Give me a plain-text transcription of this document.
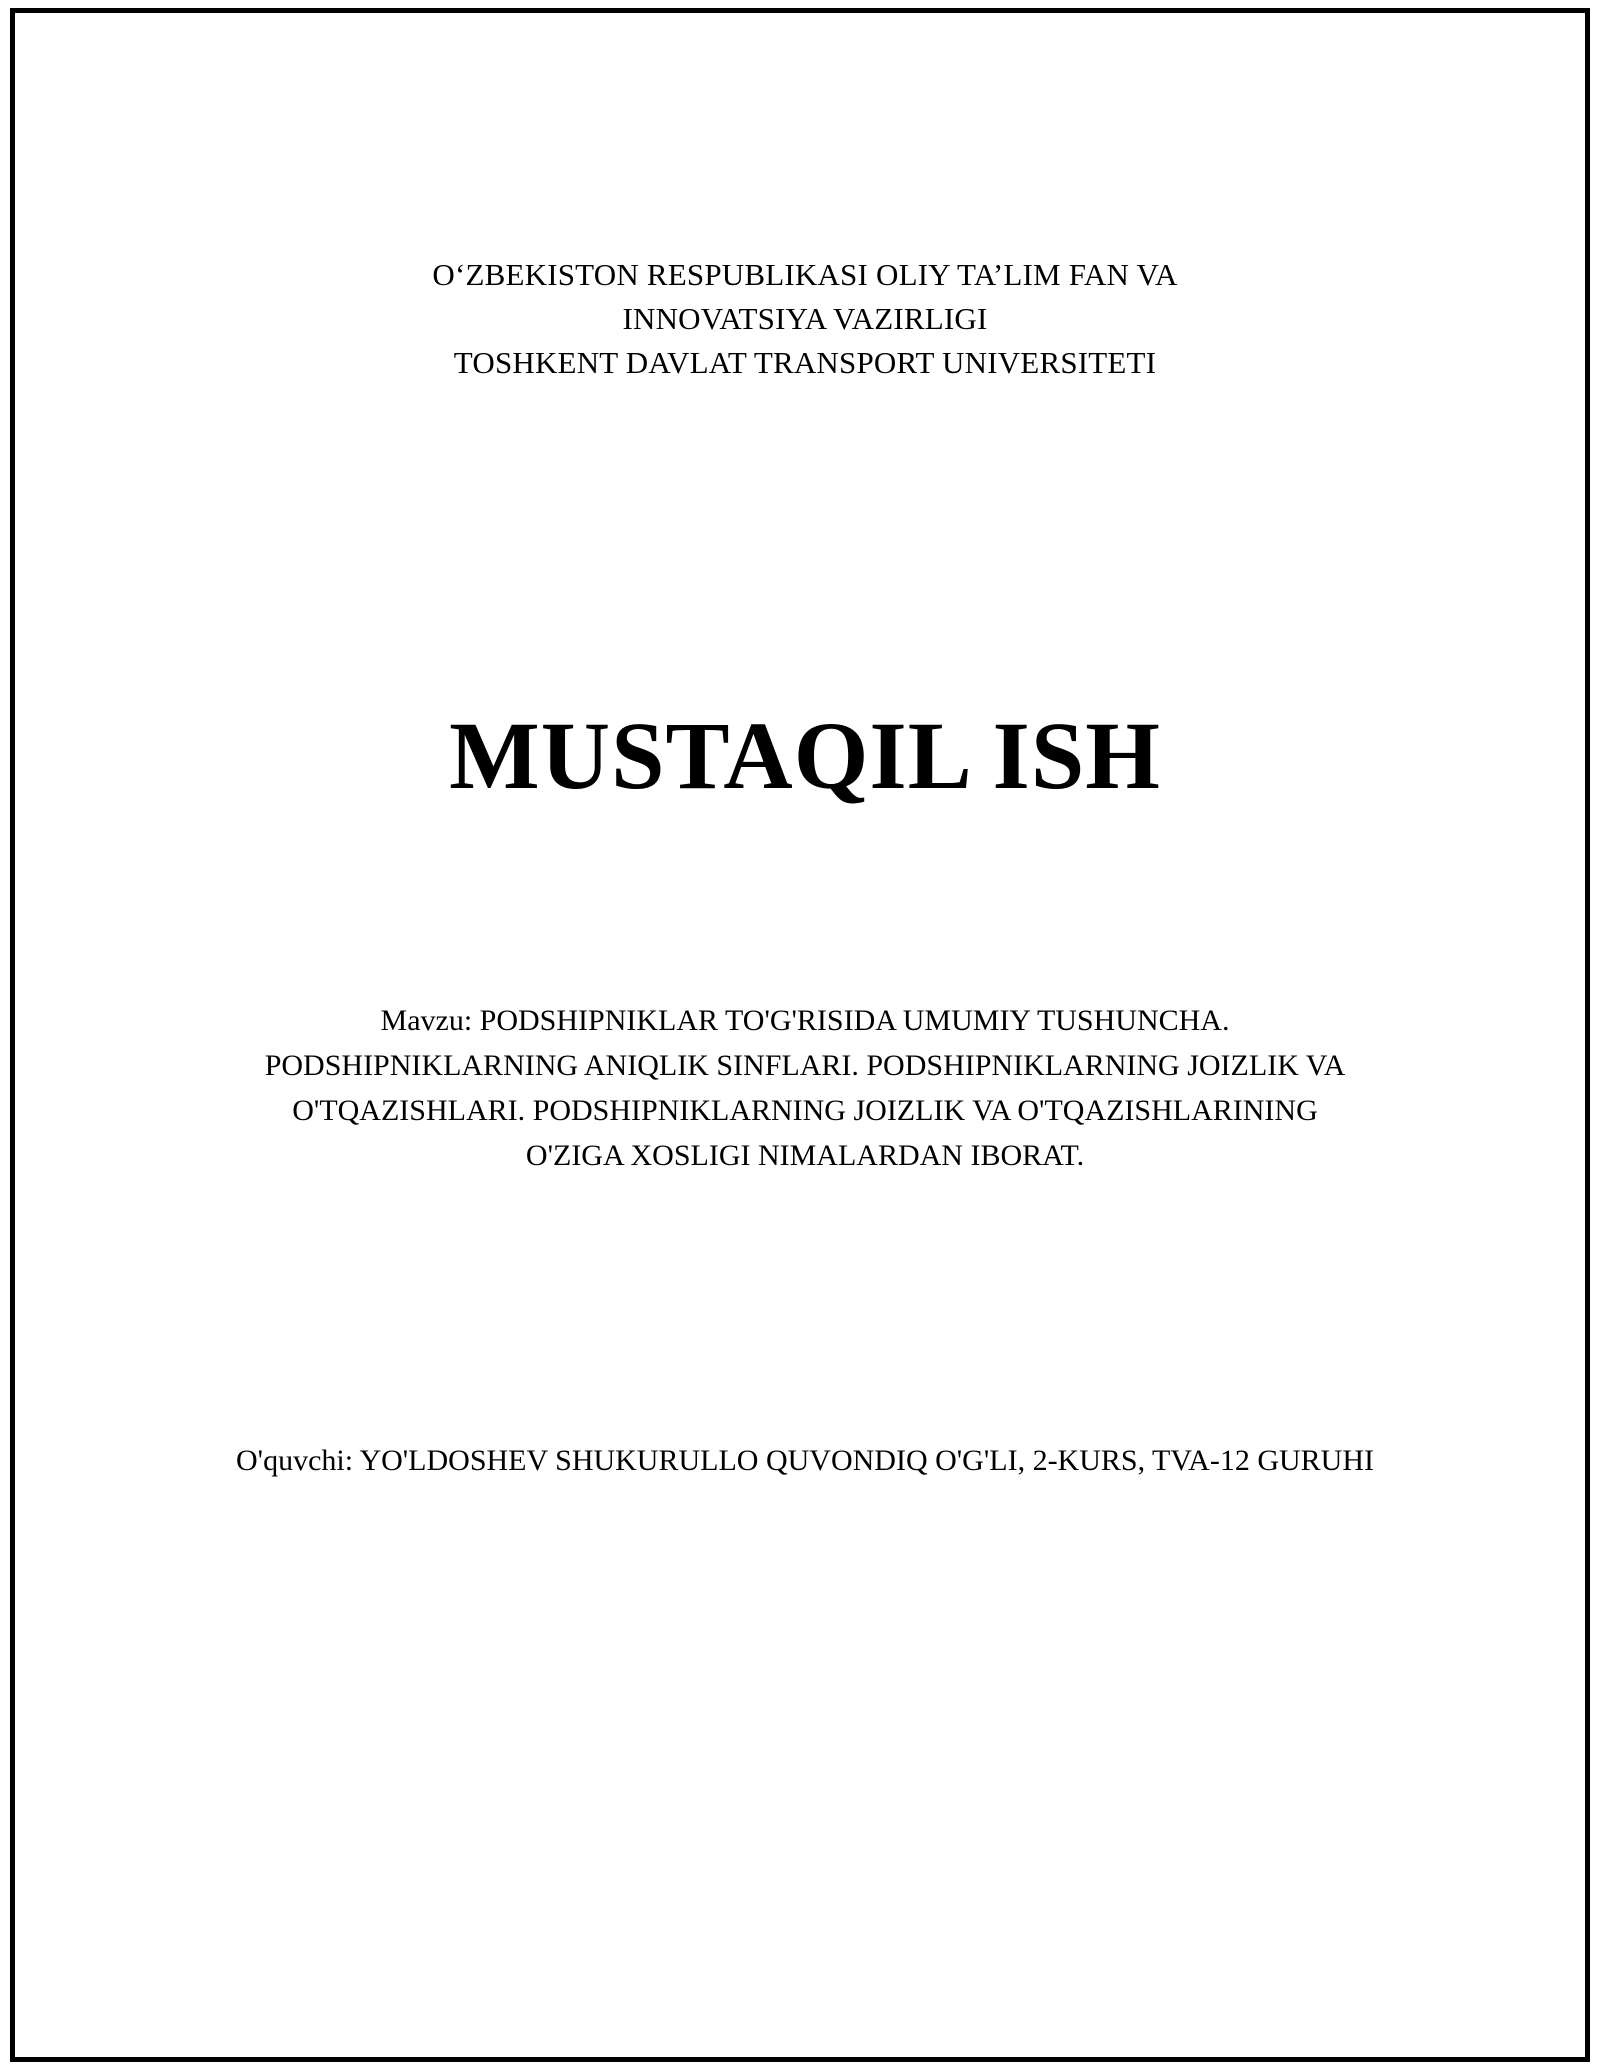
O‘ZBEKISTON RESPUBLIKASI OLIY TA’LIM FAN VA
INNOVATSIYA VAZIRLIGI
TOSHKENT DAVLAT TRANSPORT UNIVERSITETI
MUSTAQIL ISH
Mavzu: PODSHIPNIKLAR TO'G'RISIDA UMUMIY TUSHUNCHA. PODSHIPNIKLARNING ANIQLIK SINFLARI. PODSHIPNIKLARNING JOIZLIK VA O'TQAZISHLARI. PODSHIPNIKLARNING JOIZLIK VA O'TQAZISHLARINING O'ZIGA XOSLIGI NIMALARDAN IBORAT.
O'quvchi: YO'LDOSHEV SHUKURULLO QUVONDIQ O'G'LI, 2-KURS, TVA-12 GURUHI
